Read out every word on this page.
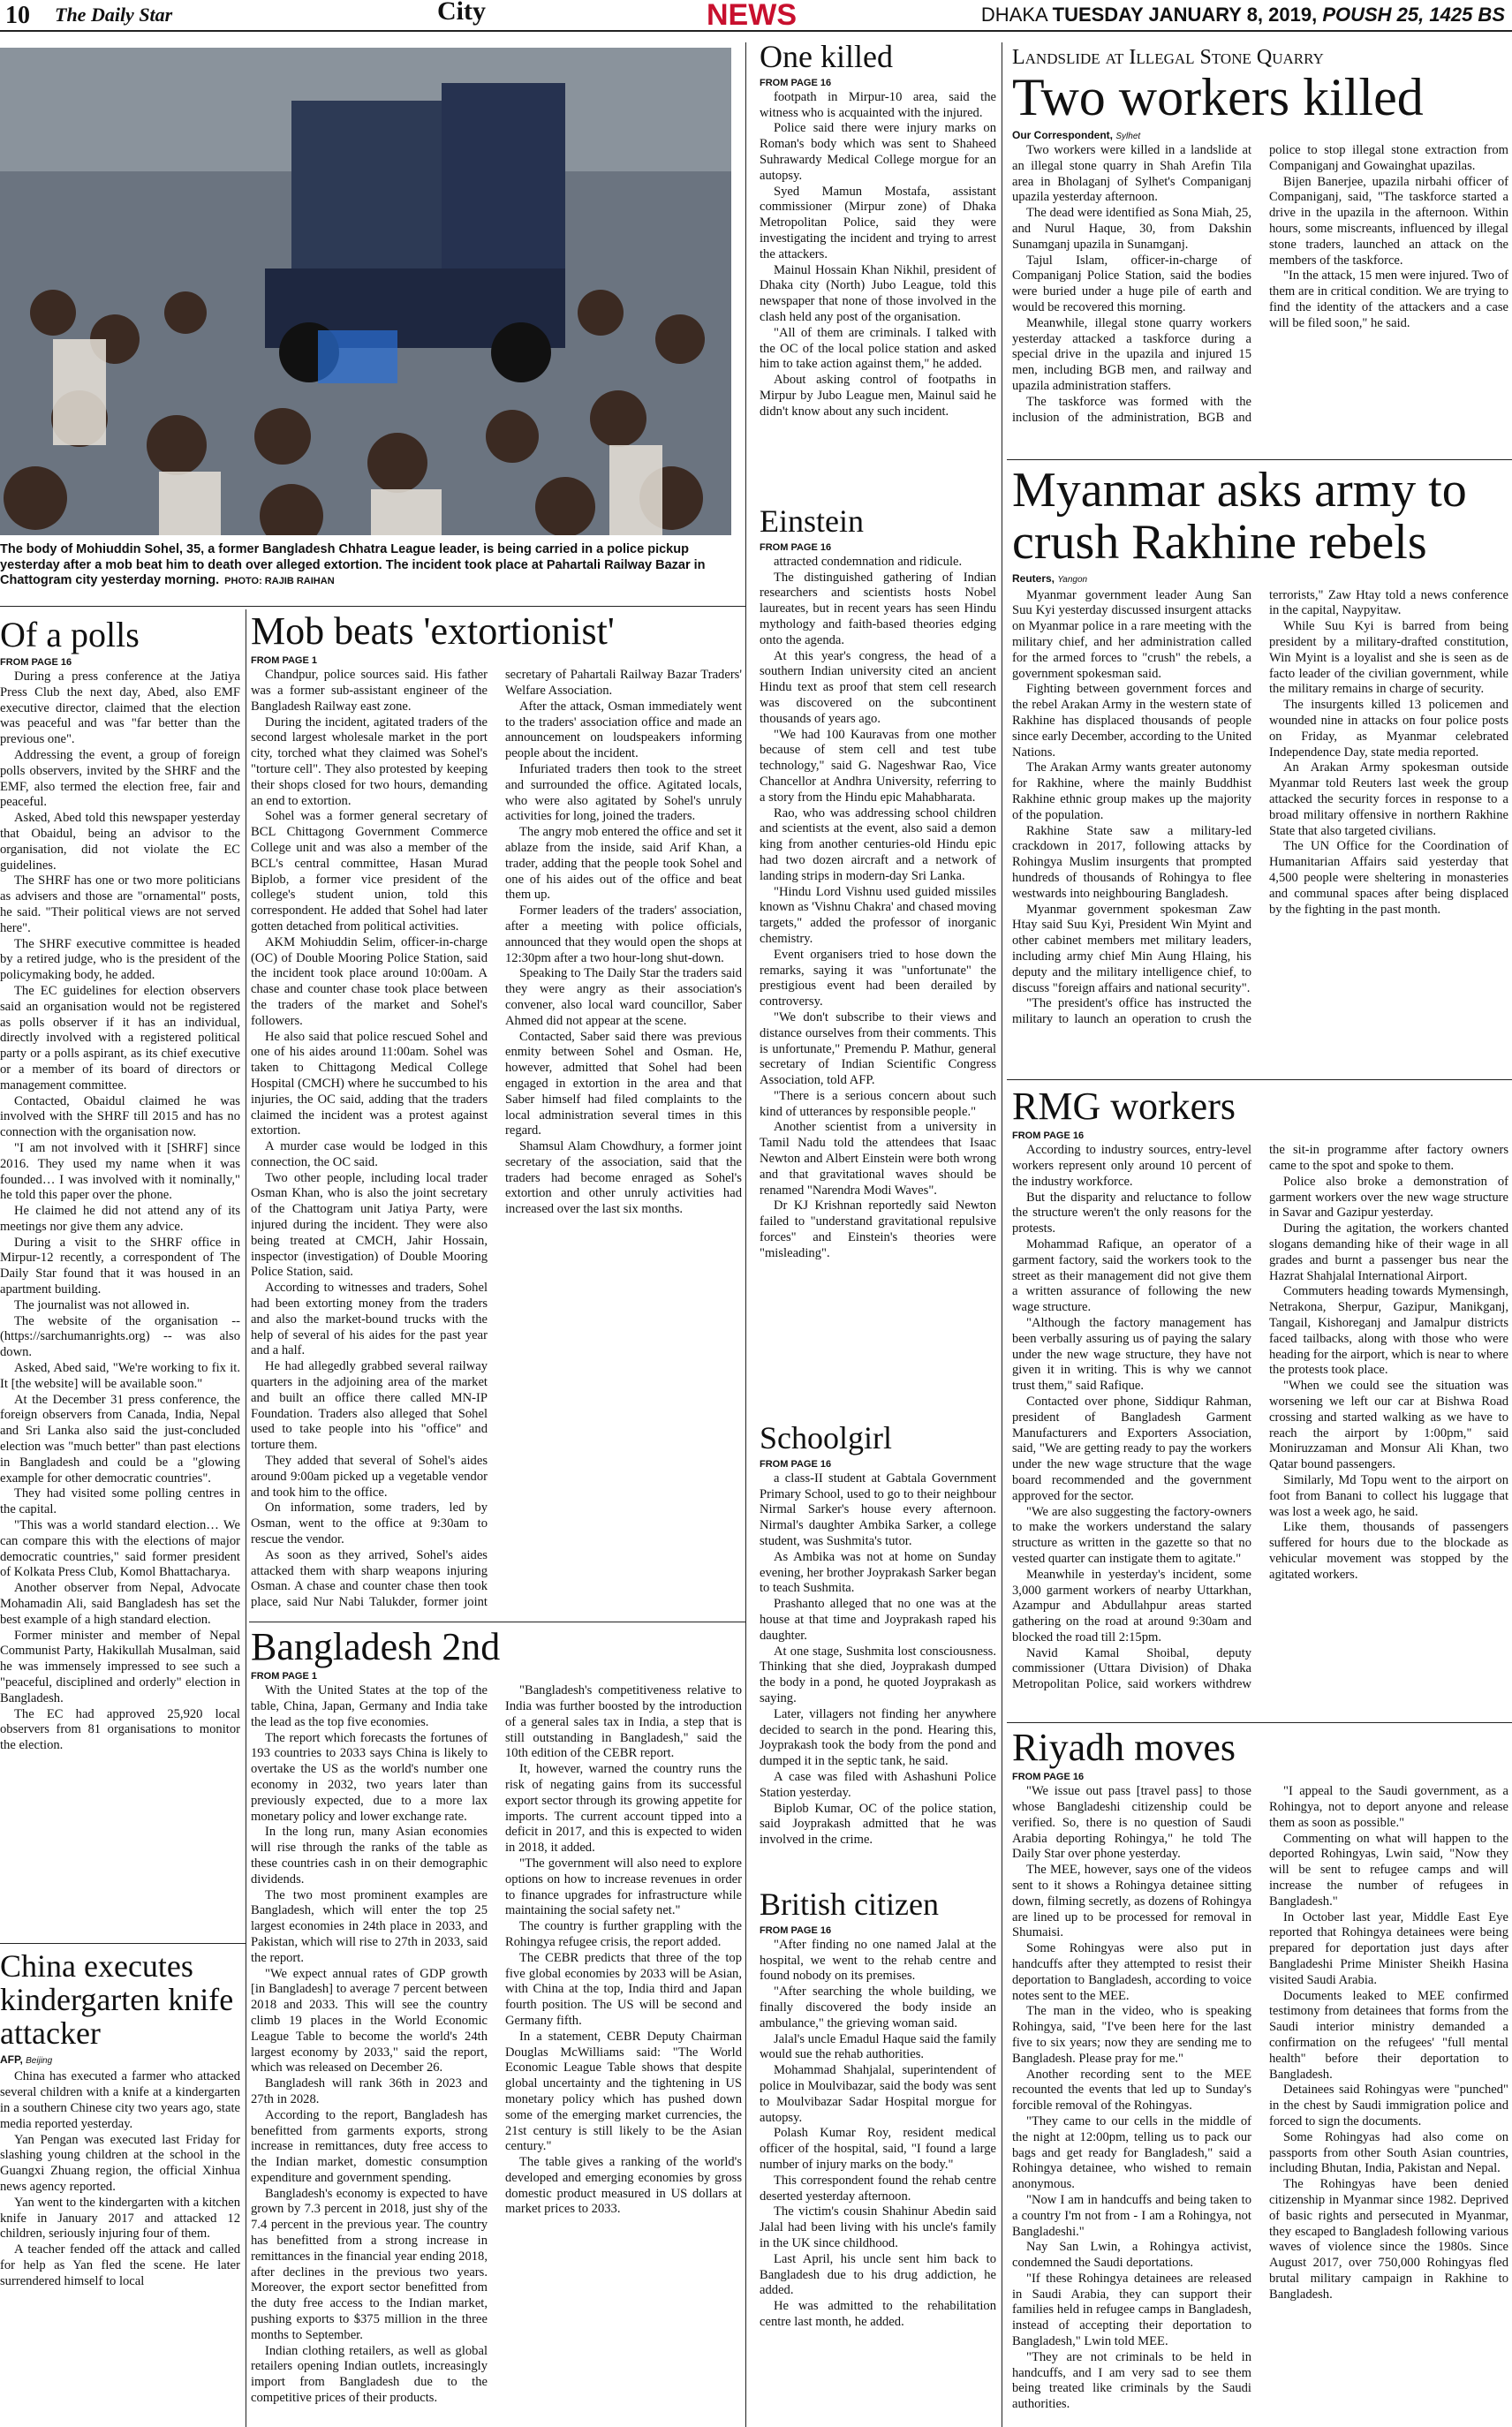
10 The Daily Star	City	NEWS	DHAKA TUESDAY JANUARY 8, 2019, POUSH 25, 1425 BS
The body of Mohiuddin Sohel, 35, a former Bangladesh Chhatra League leader, is being carried in a police pickup yesterday after a mob beat him to death over alleged extortion. The incident took place at Pahartali Railway Bazar in Chattogram city yesterday morning. PHOTO: RAJIB RAIHAN
Of a polls
FROM PAGE 16

During a press conference at the Jatiya Press Club the next day, Abed, also EMF executive director, claimed that the election was peaceful and was "far better than the previous one".

Addressing the event, a group of foreign polls observers, invited by the SHRF and the EMF, also termed the election free, fair and peaceful.

Asked, Abed told this newspaper yesterday that Obaidul, being an advisor to the organisation, did not violate the EC guidelines.

The SHRF has one or two more politicians as advisers and those are "ornamental" posts, he said. "Their political views are not served here".

The SHRF executive committee is headed by a retired judge, who is the president of the policymaking body, he added.

The EC guidelines for election observers said an organisation would not be registered as polls observer if it has an individual, directly involved with a registered political party or a polls aspirant, as its chief executive or a member of its board of directors or management committee.

Contacted, Obaidul claimed he was involved with the SHRF till 2015 and has no connection with the organisation now.

"I am not involved with it [SHRF] since 2016. They used my name when it was founded… I was involved with it nominally," he told this paper over the phone.

He claimed he did not attend any of its meetings nor give them any advice.

During a visit to the SHRF office in Mirpur-12 recently, a correspondent of The Daily Star found that it was housed in an apartment building.

The journalist was not allowed in.

The website of the organisation -- (https://sarchumanrights.org) -- was also down.

Asked, Abed said, "We're working to fix it. It [the website] will be available soon."

At the December 31 press conference, the foreign observers from Canada, India, Nepal and Sri Lanka also said the just-concluded election was "much better" than past elections in Bangladesh and could be a "glowing example for other democratic countries".

They had visited some polling centres in the capital.

"This was a world standard election… We can compare this with the elections of major democratic countries," said former president of Kolkata Press Club, Komol Bhattacharya.

Another observer from Nepal, Advocate Mohamadin Ali, said Bangladesh has set the best example of a high standard election.

Former minister and member of Nepal Communist Party, Hakikullah Musalman, said he was immensely impressed to see such a "peaceful, disciplined and orderly" election in Bangladesh.

The EC had approved 25,920 local observers from 81 organisations to monitor the election.

China executes kindergarten knife attacker
AFP, Beijing

China has executed a farmer who attacked several children with a knife at a kindergarten in a southern Chinese city two years ago, state media reported yesterday.

Yan Pengan was executed last Friday for slashing young children at the school in the Guangxi Zhuang region, the official Xinhua news agency reported.

Yan went to the kindergarten with a kitchen knife in January 2017 and attacked 12 children, seriously injuring four of them.

A teacher fended off the attack and called for help as Yan fled the scene. He later surrendered himself to local

Mob beats 'extortionist'
FROM PAGE 1

Chandpur, police sources said. His father was a former sub-assistant engineer of the Bangladesh Railway east zone.

During the incident, agitated traders of the second largest wholesale market in the port city, torched what they claimed was Sohel's "torture cell". They also protested by keeping their shops closed for two hours, demanding an end to extortion.

Sohel was a former general secretary of BCL Chittagong Government Commerce College unit and was also a member of the BCL's central committee, Hasan Murad Biplob, a former vice president of the college's student union, told this correspondent. He added that Sohel had later gotten detached from political activities.

AKM Mohiuddin Selim, officer-in-charge (OC) of Double Mooring Police Station, said the incident took place around 10:00am. A chase and counter chase took place between the traders of the market and Sohel's followers.

He also said that police rescued Sohel and one of his aides around 11:00am. Sohel was taken to Chittagong Medical College Hospital (CMCH) where he succumbed to his injuries, the OC said, adding that the traders claimed the incident was a protest against extortion.

A murder case would be lodged in this connection, the OC said.

Two other people, including local trader Osman Khan, who is also the joint secretary of the Chattogram unit Jatiya Party, were injured during the incident. They were also being treated at CMCH, Jahir Hossain, inspector (investigation) of Double Mooring Police Station, said.

According to witnesses and traders, Sohel had been extorting money from the traders and also the market-bound trucks with the help of several of his aides for the past year and a half.

He had allegedly grabbed several railway quarters in the adjoining area of the market and built an office there called MN-IP Foundation. Traders also alleged that Sohel used to take people into his "office" and torture them.

They added that several of Sohel's aides around 9:00am picked up a vegetable vendor and took him to the office.

On information, some traders, led by Osman, went to the office at 9:30am to rescue the vendor.

As soon as they arrived, Sohel's aides attacked them with sharp weapons injuring Osman. A chase and counter chase then took place, said Nur Nabi Talukder, former joint secretary of Pahartali Railway Bazar Traders' Welfare Association.

After the attack, Osman immediately went to the traders' association office and made an announcement on loudspeakers informing people about the incident.

Infuriated traders then took to the street and surrounded the office. Agitated locals, who were also agitated by Sohel's unruly activities for long, joined the traders.

The angry mob entered the office and set it ablaze from the inside, said Arif Khan, a trader, adding that the people took Sohel and one of his aides out of the office and beat them up.

Former leaders of the traders' association, after a meeting with police officials, announced that they would open the shops at 12:30pm after a two hour-long shut-down.

Speaking to The Daily Star the traders said they were angry as their association's convener, also local ward councillor, Saber Ahmed did not appear at the scene.

Contacted, Saber said there was previous enmity between Sohel and Osman. He, however, admitted that Sohel had been engaged in extortion in the area and that Saber himself had filed complaints to the local administration several times in this regard.

Shamsul Alam Chowdhury, a former joint secretary of the association, said that the traders had become enraged as Sohel's extortion and other unruly activities had increased over the last six months.

Bangladesh 2nd
FROM PAGE 1

With the United States at the top of the table, China, Japan, Germany and India take the lead as the top five economies.

The report which forecasts the fortunes of 193 countries to 2033 says China is likely to overtake the US as the world's number one economy in 2032, two years later than previously expected, due to a more lax monetary policy and lower exchange rate.

In the long run, many Asian economies will rise through the ranks of the table as these countries cash in on their demographic dividends.

The two most prominent examples are Bangladesh, which will enter the top 25 largest economies in 24th place in 2033, and Pakistan, which will rise to 27th in 2033, said the report.

"We expect annual rates of GDP growth [in Bangladesh] to average 7 percent between 2018 and 2033. This will see the country climb 19 places in the World Economic League Table to become the world's 24th largest economy by 2033," said the report, which was released on December 26.

Bangladesh will rank 36th in 2023 and 27th in 2028.

According to the report, Bangladesh has benefitted from garments exports, strong increase in remittances, duty free access to the Indian market, domestic consumption expenditure and government spending.

Bangladesh's economy is expected to have grown by 7.3 percent in 2018, just shy of the 7.4 percent in the previous year. The country has benefitted from a strong increase in remittances in the financial year ending 2018, after declines in the previous two years. Moreover, the export sector benefitted from the duty free access to the Indian market, pushing exports to $375 million in the three months to September.

Indian clothing retailers, as well as global retailers opening Indian outlets, increasingly import from Bangladesh due to the competitive prices of their products.

"Bangladesh's competitiveness relative to India was further boosted by the introduction of a general sales tax in India, a step that is still outstanding in Bangladesh," said the 10th edition of the CEBR report.

It, however, warned the country runs the risk of negating gains from its successful export sector through its growing appetite for imports. The current account tipped into a deficit in 2017, and this is expected to widen in 2018, it added.

"The government will also need to explore options on how to increase revenues in order to finance upgrades for infrastructure while maintaining the social safety net."

The country is further grappling with the Rohingya refugee crisis, the report added.

The CEBR predicts that three of the top five global economies by 2033 will be Asian, with China at the top, India third and Japan fourth position. The US will be second and Germany fifth.

In a statement, CEBR Deputy Chairman Douglas McWilliams said: "The World Economic League Table shows that despite global uncertainty and the tightening in US monetary policy which has pushed down some of the emerging market currencies, the 21st century is still likely to be the Asian century."

The table gives a ranking of the world's developed and emerging economies by gross domestic product measured in US dollars at market prices to 2033.

One killed
FROM PAGE 16

footpath in Mirpur-10 area, said the witness who is acquainted with the injured.

Police said there were injury marks on Roman's body which was sent to Shaheed Suhrawardy Medical College morgue for an autopsy.

Syed Mamun Mostafa, assistant commissioner (Mirpur zone) of Dhaka Metropolitan Police, said they were investigating the incident and trying to arrest the attackers.

Mainul Hossain Khan Nikhil, president of Dhaka city (North) Jubo League, told this newspaper that none of those involved in the clash held any post of the organisation.

"All of them are criminals. I talked with the OC of the local police station and asked him to take action against them," he added.

About asking control of footpaths in Mirpur by Jubo League men, Mainul said he didn't know about any such incident.

Einstein
FROM PAGE 16

attracted condemnation and ridicule.

The distinguished gathering of Indian researchers and scientists hosts Nobel laureates, but in recent years has seen Hindu mythology and faith-based theories edging onto the agenda.

At this year's congress, the head of a southern Indian university cited an ancient Hindu text as proof that stem cell research was discovered on the subcontinent thousands of years ago.

"We had 100 Kauravas from one mother because of stem cell and test tube technology," said G. Nageshwar Rao, Vice Chancellor at Andhra University, referring to a story from the Hindu epic Mahabharata.

Rao, who was addressing school children and scientists at the event, also said a demon king from another centuries-old Hindu epic had two dozen aircraft and a network of landing strips in modern-day Sri Lanka.

"Hindu Lord Vishnu used guided missiles known as 'Vishnu Chakra' and chased moving targets," added the professor of inorganic chemistry.

Event organisers tried to hose down the remarks, saying it was "unfortunate" the prestigious event had been derailed by controversy.

"We don't subscribe to their views and distance ourselves from their comments. This is unfortunate," Premendu P. Mathur, general secretary of Indian Scientific Congress Association, told AFP.

"There is a serious concern about such kind of utterances by responsible people."

Another scientist from a university in Tamil Nadu told the attendees that Isaac Newton and Albert Einstein were both wrong and that gravitational waves should be renamed "Narendra Modi Waves".

Dr KJ Krishnan reportedly said Newton failed to "understand gravitational repulsive forces" and Einstein's theories were "misleading".

Schoolgirl
FROM PAGE 16

a class-II student at Gabtala Government Primary School, used to go to their neighbour Nirmal Sarker's house every afternoon. Nirmal's daughter Ambika Sarker, a college student, was Sushmita's tutor.

As Ambika was not at home on Sunday evening, her brother Joyprakash Sarker began to teach Sushmita.

Prashanto alleged that no one was at the house at that time and Joyprakash raped his daughter.

At one stage, Sushmita lost consciousness. Thinking that she died, Joyprakash dumped the body in a pond, he quoted Joyprakash as saying.

Later, villagers not finding her anywhere decided to search in the pond. Hearing this, Joyprakash took the body from the pond and dumped it in the septic tank, he said.

A case was filed with Ashashuni Police Station yesterday.

Biplob Kumar, OC of the police station, said Joyprakash admitted that he was involved in the crime.

British citizen
FROM PAGE 16

"After finding no one named Jalal at the hospital, we went to the rehab centre and found nobody on its premises.

"After searching the whole building, we finally discovered the body inside an ambulance," the grieving woman said.

Jalal's uncle Emadul Haque said the family would sue the rehab authorities.

Mohammad Shahjalal, superintendent of police in Moulvibazar, said the body was sent to Moulvibazar Sadar Hospital morgue for autopsy.

Polash Kumar Roy, resident medical officer of the hospital, said, "I found a large number of injury marks on the body."

This correspondent found the rehab centre deserted yesterday afternoon.

The victim's cousin Shahinur Abedin said Jalal had been living with his uncle's family in the UK since childhood.

Last April, his uncle sent him back to Bangladesh due to his drug addiction, he added.

He was admitted to the rehabilitation centre last month, he added.

Landslide at Illegal Stone Quarry
Two workers killed
Our Correspondent, Sylhet

Two workers were killed in a landslide at an illegal stone quarry in Shah Arefin Tila area in Bholaganj of Sylhet's Companiganj upazila yesterday afternoon.

The dead were identified as Sona Miah, 25, and Nurul Haque, 30, from Dakshin Sunamganj upazila in Sunamganj.

Tajul Islam, officer-in-charge of Companiganj Police Station, said the bodies were buried under a huge pile of earth and would be recovered this morning.

Meanwhile, illegal stone quarry workers yesterday attacked a taskforce during a special drive in the upazila and injured 15 men, including BGB men, and railway and upazila administration staffers.

The taskforce was formed with the inclusion of the administration, BGB and police to stop illegal stone extraction from Companiganj and Gowainghat upazilas.

Bijen Banerjee, upazila nirbahi officer of Companiganj, said, "The taskforce started a drive in the upazila in the afternoon. Within hours, some miscreants, influenced by illegal stone traders, launched an attack on the members of the taskforce.

"In the attack, 15 men were injured. Two of them are in critical condition. We are trying to find the identity of the attackers and a case will be filed soon," he said.

Myanmar asks army to crush Rakhine rebels
Reuters, Yangon

Myanmar government leader Aung San Suu Kyi yesterday discussed insurgent attacks on Myanmar police in a rare meeting with the military chief, and her administration called for the armed forces to "crush" the rebels, a government spokesman said.

Fighting between government forces and the rebel Arakan Army in the western state of Rakhine has displaced thousands of people since early December, according to the United Nations.

The Arakan Army wants greater autonomy for Rakhine, where the mainly Buddhist Rakhine ethnic group makes up the majority of the population.

Rakhine State saw a military-led crackdown in 2017, following attacks by Rohingya Muslim insurgents that prompted hundreds of thousands of Rohingya to flee westwards into neighbouring Bangladesh.

Myanmar government spokesman Zaw Htay said Suu Kyi, President Win Myint and other cabinet members met military leaders, including army chief Min Aung Hlaing, his deputy and the military intelligence chief, to discuss "foreign affairs and national security".

"The president's office has instructed the military to launch an operation to crush the terrorists," Zaw Htay told a news conference in the capital, Naypyitaw.

While Suu Kyi is barred from being president by a military-drafted constitution, Win Myint is a loyalist and she is seen as de facto leader of the civilian government, while the military remains in charge of security.

The insurgents killed 13 policemen and wounded nine in attacks on four police posts on Friday, as Myanmar celebrated Independence Day, state media reported.

An Arakan Army spokesman outside Myanmar told Reuters last week the group attacked the security forces in response to a broad military offensive in northern Rakhine State that also targeted civilians.

The UN Office for the Coordination of Humanitarian Affairs said yesterday that 4,500 people were sheltering in monasteries and communal spaces after being displaced by the fighting in the past month.

RMG workers
FROM PAGE 16

According to industry sources, entry-level workers represent only around 10 percent of the industry workforce.

But the disparity and reluctance to follow the structure weren't the only reasons for the protests.

Mohammad Rafique, an operator of a garment factory, said the workers took to the street as their management did not give them a written assurance of following the new wage structure.

"Although the factory management has been verbally assuring us of paying the salary under the new wage structure, they have not given it in writing. This is why we cannot trust them," said Rafique.

Contacted over phone, Siddiqur Rahman, president of Bangladesh Garment Manufacturers and Exporters Association, said, "We are getting ready to pay the workers under the new wage structure that the wage board recommended and the government approved for the sector.

"We are also suggesting the factory-owners to make the workers understand the salary structure as written in the gazette so that no vested quarter can instigate them to agitate."

Meanwhile in yesterday's incident, some 3,000 garment workers of nearby Uttarkhan, Azampur and Abdullahpur areas started gathering on the road at around 9:30am and blocked the road till 2:15pm.

Navid Kamal Shoibal, deputy commissioner (Uttara Division) of Dhaka Metropolitan Police, said workers withdrew the sit-in programme after factory owners came to the spot and spoke to them.

Police also broke a demonstration of garment workers over the new wage structure in Savar and Gazipur yesterday.

During the agitation, the workers chanted slogans demanding hike of their wage in all grades and burnt a passenger bus near the Hazrat Shahjalal International Airport.

Commuters heading towards Mymensingh, Netrakona, Sherpur, Gazipur, Manikganj, Tangail, Kishoreganj and Jamalpur districts faced tailbacks, along with those who were heading for the airport, which is near to where the protests took place.

"When we could see the situation was worsening we left our car at Bishwa Road crossing and started walking as we have to reach the airport by 1:00pm," said Moniruzzaman and Monsur Ali Khan, two Qatar bound passengers.

Similarly, Md Topu went to the airport on foot from Banani to collect his luggage that was lost a week ago, he said.

Like them, thousands of passengers suffered for hours due to the blockade as vehicular movement was stopped by the agitated workers.

Riyadh moves
FROM PAGE 16

"We issue out pass [travel pass] to those whose Bangladeshi citizenship could be verified. So, there is no question of Saudi Arabia deporting Rohingya," he told The Daily Star over phone yesterday.

The MEE, however, says one of the videos sent to it shows a Rohingya detainee sitting down, filming secretly, as dozens of Rohingya are lined up to be processed for removal in Shumaisi.

Some Rohingyas were also put in handcuffs after they attempted to resist their deportation to Bangladesh, according to voice notes sent to the MEE.

The man in the video, who is speaking Rohingya, said, "I've been here for the last five to six years; now they are sending me to Bangladesh. Please pray for me."

Another recording sent to the MEE recounted the events that led up to Sunday's forcible removal of the Rohingyas.

"They came to our cells in the middle of the night at 12:00pm, telling us to pack our bags and get ready for Bangladesh," said a Rohingya detainee, who wished to remain anonymous.

"Now I am in handcuffs and being taken to a country I'm not from - I am a Rohingya, not Bangladeshi."

Nay San Lwin, a Rohingya activist, condemned the Saudi deportations.

"If these Rohingya detainees are released in Saudi Arabia, they can support their families held in refugee camps in Bangladesh, instead of accepting their deportation to Bangladesh," Lwin told MEE.

"They are not criminals to be held in handcuffs, and I am very sad to see them being treated like criminals by the Saudi authorities.

"I appeal to the Saudi government, as a Rohingya, not to deport anyone and release them as soon as possible."

Commenting on what will happen to the deported Rohingyas, Lwin said, "Now they will be sent to refugee camps and will increase the number of refugees in Bangladesh."

In October last year, Middle East Eye reported that Rohingya detainees were being prepared for deportation just days after Bangladeshi Prime Minister Sheikh Hasina visited Saudi Arabia.

Documents leaked to MEE confirmed testimony from detainees that forms from the Saudi interior ministry demanded a confirmation on the refugees' "full mental health" before their deportation to Bangladesh.

Detainees said Rohingyas were "punched" in the chest by Saudi immigration police and forced to sign the documents.

Some Rohingyas had also come on passports from other South Asian countries, including Bhutan, India, Pakistan and Nepal.

The Rohingyas have been denied citizenship in Myanmar since 1982. Deprived of basic rights and persecuted in Myanmar, they escaped to Bangladesh following various waves of violence since the 1980s. Since August 2017, over 750,000 Rohingyas fled brutal military campaign in Rakhine to Bangladesh.
